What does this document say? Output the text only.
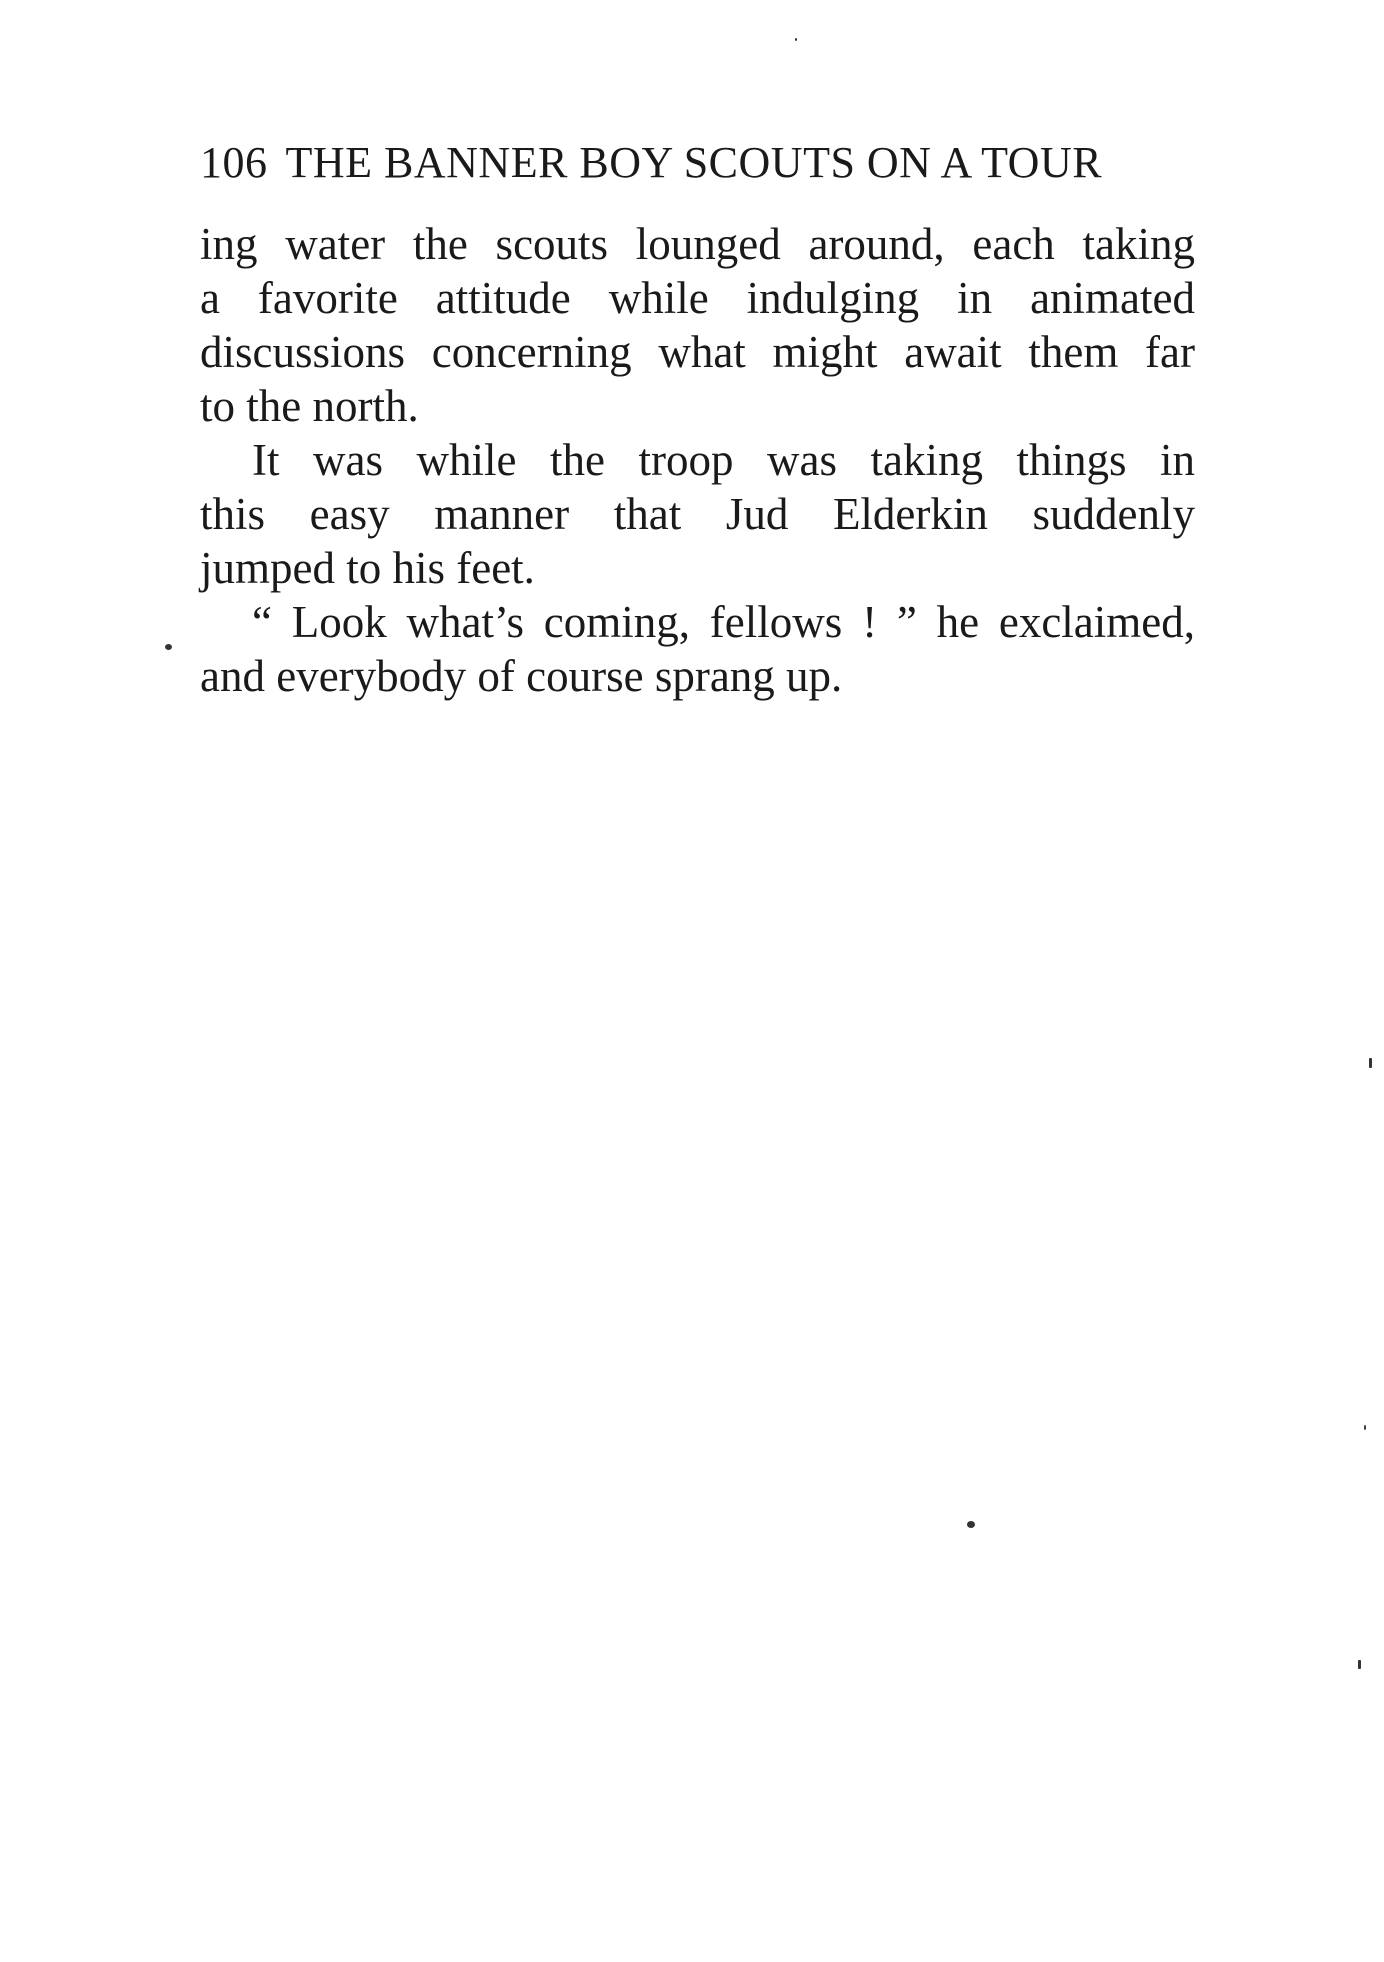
106 THE BANNER BOY SCOUTS ON A TOUR
ing water the scouts lounged around, each taking
a favorite attitude while indulging in animated
discussions concerning what might await them far
to the north.
It was while the troop was taking things in
this easy manner that Jud Elderkin suddenly
jumped to his feet.
“ Look what’s coming, fellows ! ” he exclaimed,
and everybody of course sprang up.
